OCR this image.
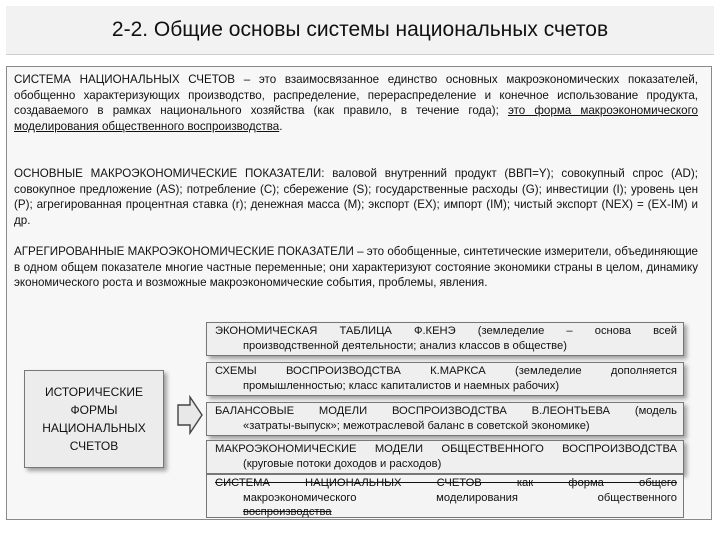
2-2. Общие основы системы национальных счетов
СИСТЕМА НАЦИОНАЛЬНЫХ СЧЕТОВ – это взаимосвязанное единство основных макроэкономических показателей, обобщенно характеризующих производство, распределение, перераспределение и конечное использование продукта, создаваемого в рамках национального хозяйства (как правило, в течение года); это форма макроэкономического моделирования общественного воспроизводства.
ОСНОВНЫЕ МАКРОЭКОНОМИЧЕСКИЕ ПОКАЗАТЕЛИ: валовой внутренний продукт (ВВП=Y); совокупный спрос (AD); совокупное предложение (AS); потребление (C); сбережение (S); государственные расходы (G); инвестиции (I); уровень цен (P); агрегированная процентная ставка (r); денежная масса (M); экспорт (EX); импорт (IM); чистый экспорт (NEX) = (EX-IM) и др.
АГРЕГИРОВАННЫЕ МАКРОЭКОНОМИЧЕСКИЕ ПОКАЗАТЕЛИ – это обобщенные, синтетические измерители, объединяющие в одном общем показателе многие частные переменные; они характеризуют состояние экономики страны в целом, динамику экономического роста и возможные макроэкономические события, проблемы, явления.
ИСТОРИЧЕСКИЕ ФОРМЫ НАЦИОНАЛЬНЫХ СЧЕТОВ
ЭКОНОМИЧЕСКАЯ ТАБЛИЦА Ф.КЕНЭ (земледелие – основа всей
производственной деятельности; анализ классов в обществе)
СХЕМЫ ВОСПРОИЗВОДСТВА К.МАРКСА (земледелие дополняется
промышленностью; класс капиталистов и наемных рабочих)
БАЛАНСОВЫЕ МОДЕЛИ ВОСПРОИЗВОДСТВА В.ЛЕОНТЬЕВА (модель
«затраты-выпуск»; межотраслевой баланс в советской экономике)
МАКРОЭКОНОМИЧЕСКИЕ МОДЕЛИ ОБЩЕСТВЕННОГО ВОСПРОИЗВОДСТВА
(круговые потоки доходов и расходов)
СИСТЕМА НАЦИОНАЛЬНЫХ СЧЕТОВ как форма общего
макроэкономического моделирования общественного
воспроизводства
